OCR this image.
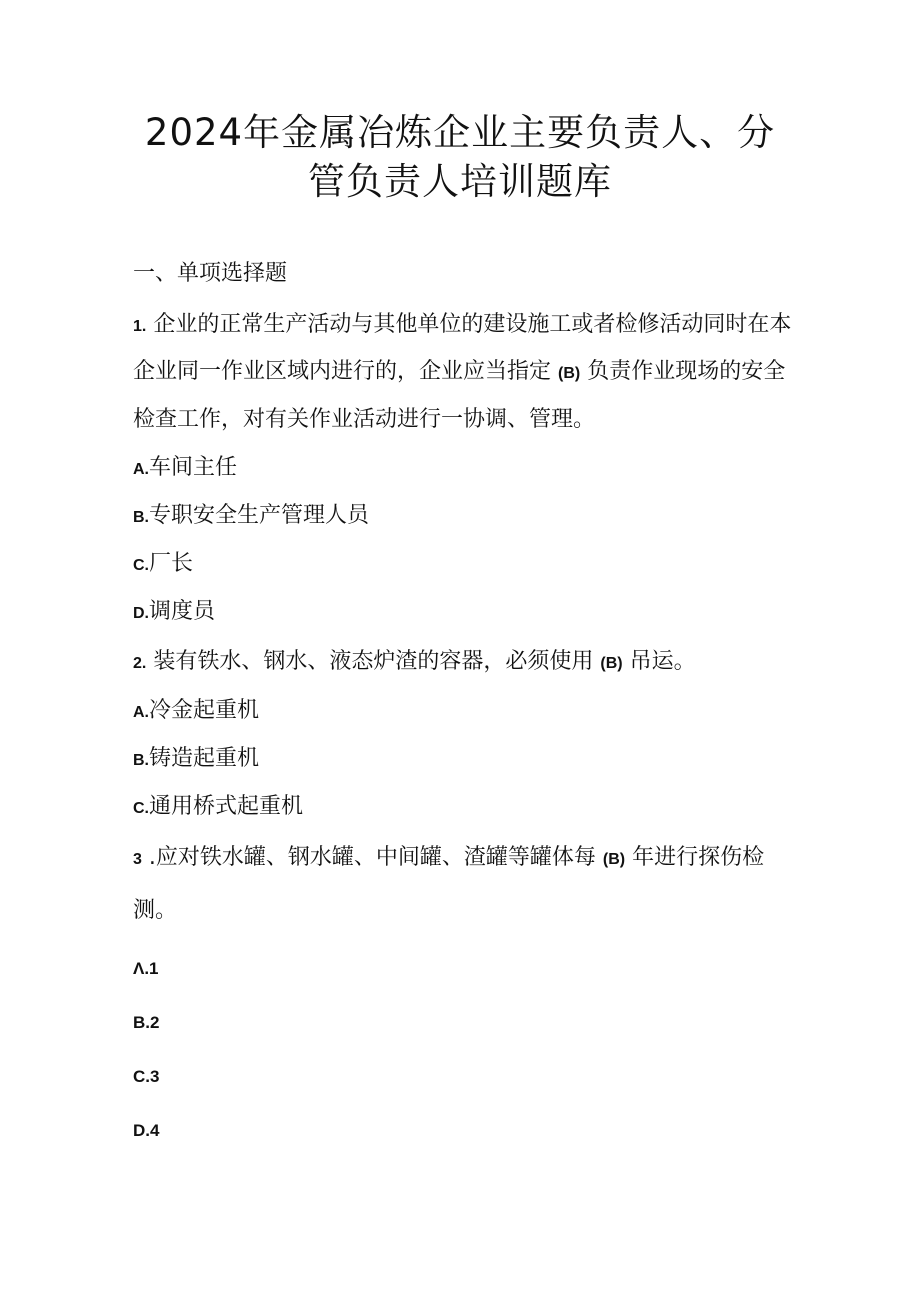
2024年金属冶炼企业主要负责人、分
管负责人培训题库
一、单项选择题
1. 企业的正常生产活动与其他单位的建设施工或者检修活动同时在本
企业同一作业区域内进行的，企业应当指定 (B) 负责作业现场的安全
检查工作，对有关作业活动进行一协调、管理。
A.车间主任
B.专职安全生产管理人员
C.厂长
D.调度员
2. 装有铁水、钢水、液态炉渣的容器，必须使用 (B) 吊运。
A.冷金起重机
B.铸造起重机
C.通用桥式起重机
3 .应对铁水罐、钢水罐、中间罐、渣罐等罐体每 (B) 年进行探伤检
测。
Λ.1
B.2
C.3
D.4
